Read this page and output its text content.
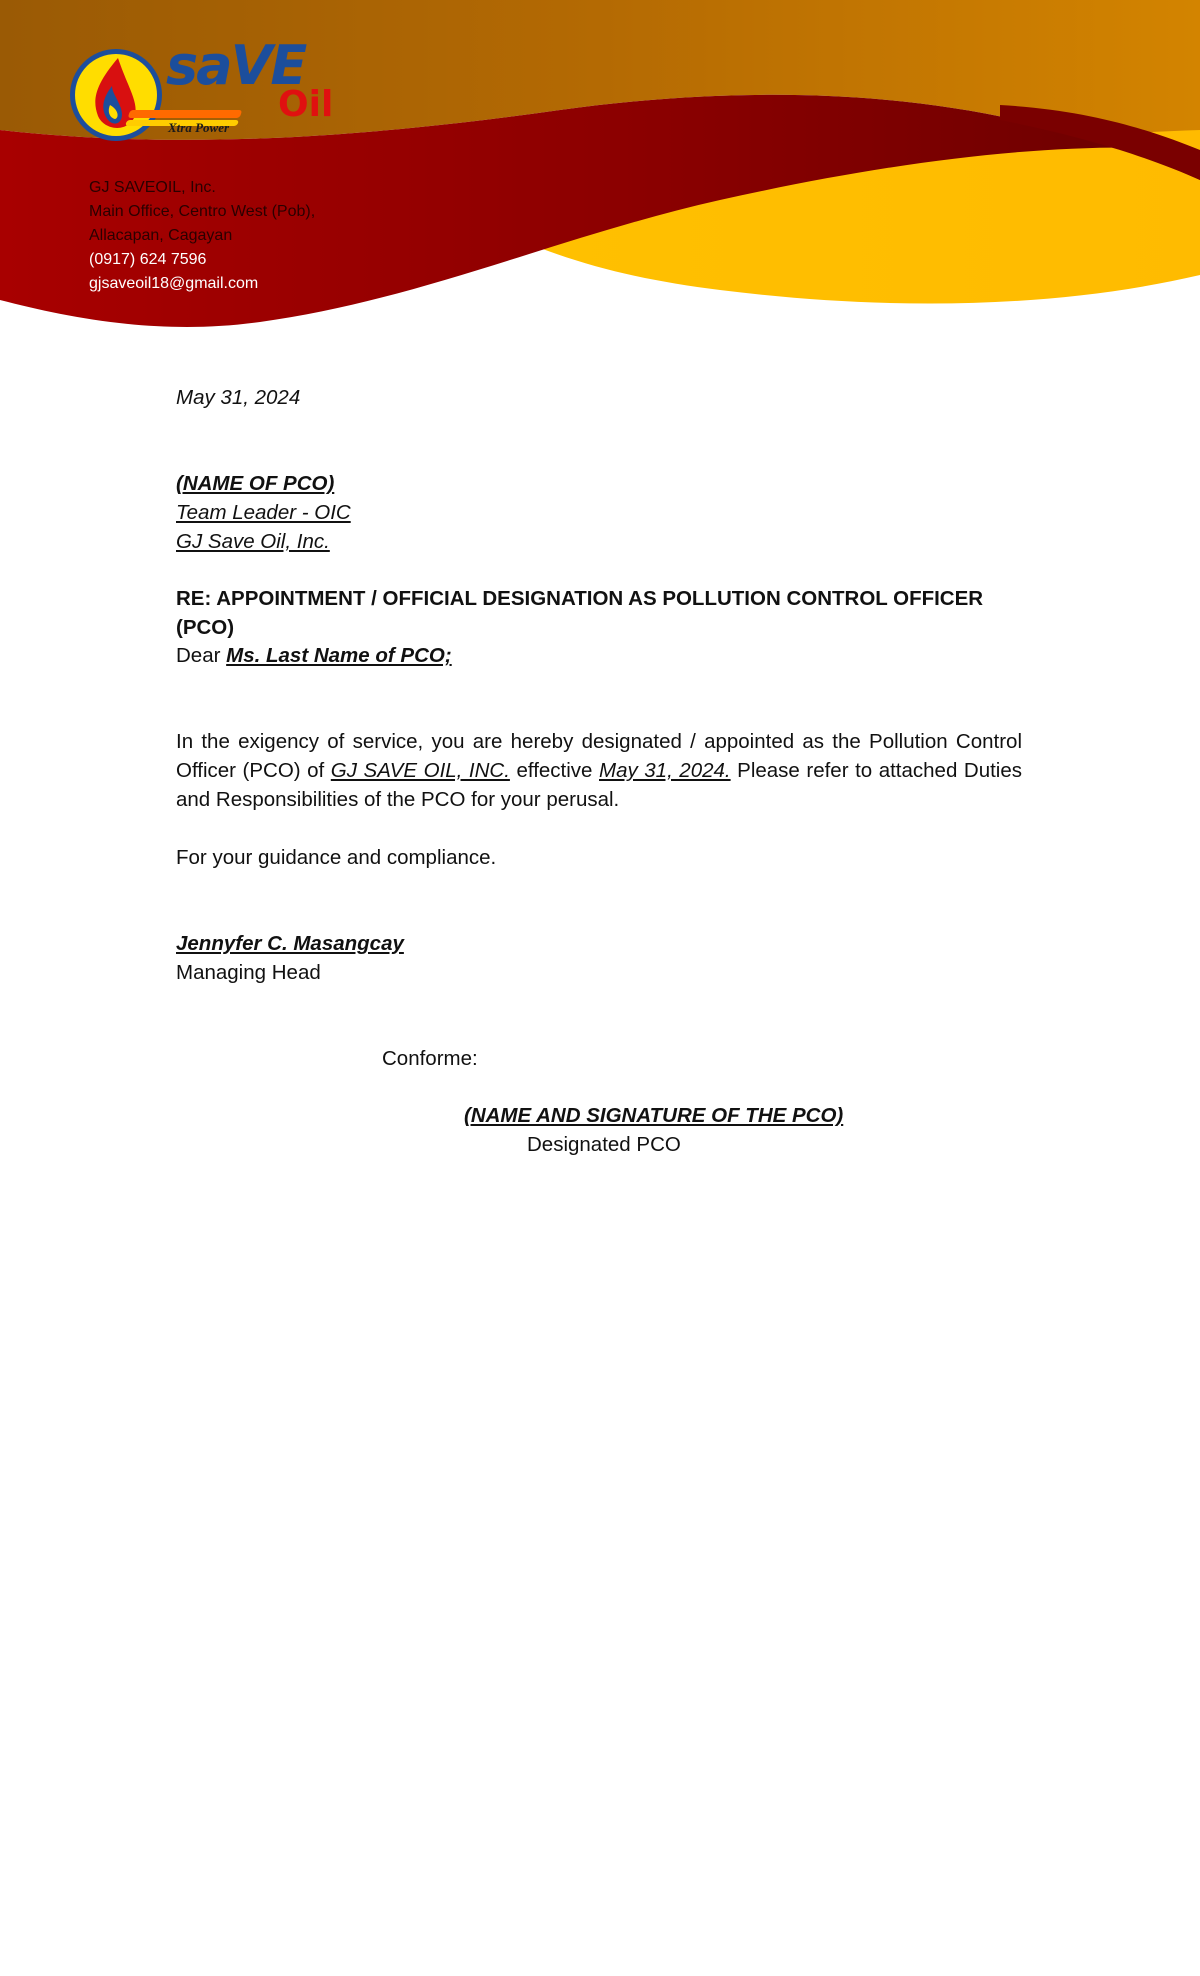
saVE
Oil
Xtra Power
GJ SAVEOIL, Inc.
Main Office, Centro West (Pob),
Allacapan, Cagayan
(0917) 624 7596
gjsaveoil18@gmail.com
May 31, 2024
(NAME OF PCO)
Team Leader - OIC
GJ Save Oil, Inc.
RE: APPOINTMENT / OFFICIAL DESIGNATION AS POLLUTION CONTROL OFFICER (PCO)
Dear Ms. Last Name of PCO;
In the exigency of service, you are hereby designated / appointed as the Pollution Control Officer (PCO) of GJ SAVE OIL, INC. effective May 31, 2024. Please refer to attached Duties and Responsibilities of the PCO for your perusal.
For your guidance and compliance.
Jennyfer C. Masangcay
Managing Head
Conforme:
(NAME AND SIGNATURE OF THE PCO)
Designated PCO
